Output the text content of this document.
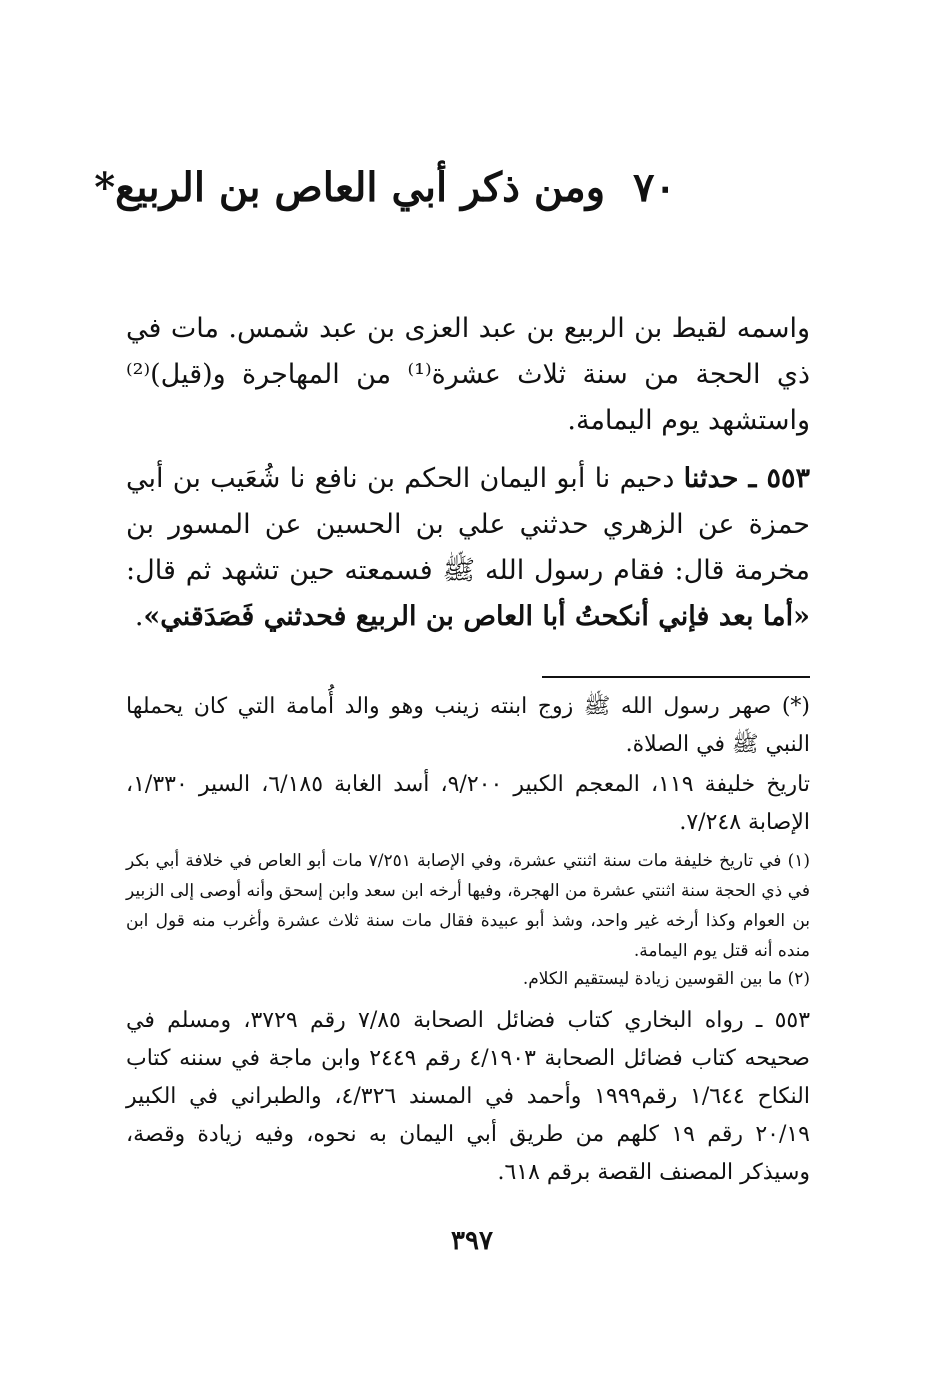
٧٠ومن ذكر أبي العاص بن الربيع*

واسمه لقيط بن الربيع بن عبد العزى بن عبد شمس. مات في ذي الحجة من سنة ثلاث عشرة⁽¹⁾ من المهاجرة و(قيل)⁽²⁾ واستشهد يوم اليمامة.

٥٥٣ ـ حدثنا دحيم نا أبو اليمان الحكم بن نافع نا شُعَيب بن أبي حمزة عن الزهري حدثني علي بن الحسين عن المسور بن مخرمة قال: فقام رسول الله ﷺ فسمعته حين تشهد ثم قال: «أما بعد فإني أنكحتُ أبا العاص بن الربيع فحدثني فَصَدَقني».

(*) صهر رسول الله ﷺ زوج ابنته زينب وهو والد أُمامة التي كان يحملها النبي ﷺ في الصلاة.

تاريخ خليفة ١١٩، المعجم الكبير ٩/٢٠٠، أسد الغابة ٦/١٨٥، السير ١/٣٣٠، الإصابة ٧/٢٤٨.

(١) في تاريخ خليفة مات سنة اثنتي عشرة، وفي الإصابة ٧/٢٥١ مات أبو العاص في خلافة أبي بكر في ذي الحجة سنة اثنتي عشرة من الهجرة، وفيها أرخه ابن سعد وابن إسحق وأنه أوصى إلى الزبير بن العوام وكذا أرخه غير واحد، وشذ أبو عبيدة فقال مات سنة ثلاث عشرة وأغرب منه قول ابن منده أنه قتل يوم اليمامة.

(٢) ما بين القوسين زيادة ليستقيم الكلام.

٥٥٣ ـ رواه البخاري كتاب فضائل الصحابة ٧/٨٥ رقم ٣٧٢٩، ومسلم في صحيحه كتاب فضائل الصحابة ٤/١٩٠٣ رقم ٢٤٤٩ وابن ماجة في سننه كتاب النكاح ١/٦٤٤ رقم١٩٩٩ وأحمد في المسند ٤/٣٢٦، والطبراني في الكبير ٢٠/١٩ رقم ١٩ كلهم من طريق أبي اليمان به نحوه، وفيه زيادة وقصة، وسيذكر المصنف القصة برقم ٦١٨.

٣٩٧
